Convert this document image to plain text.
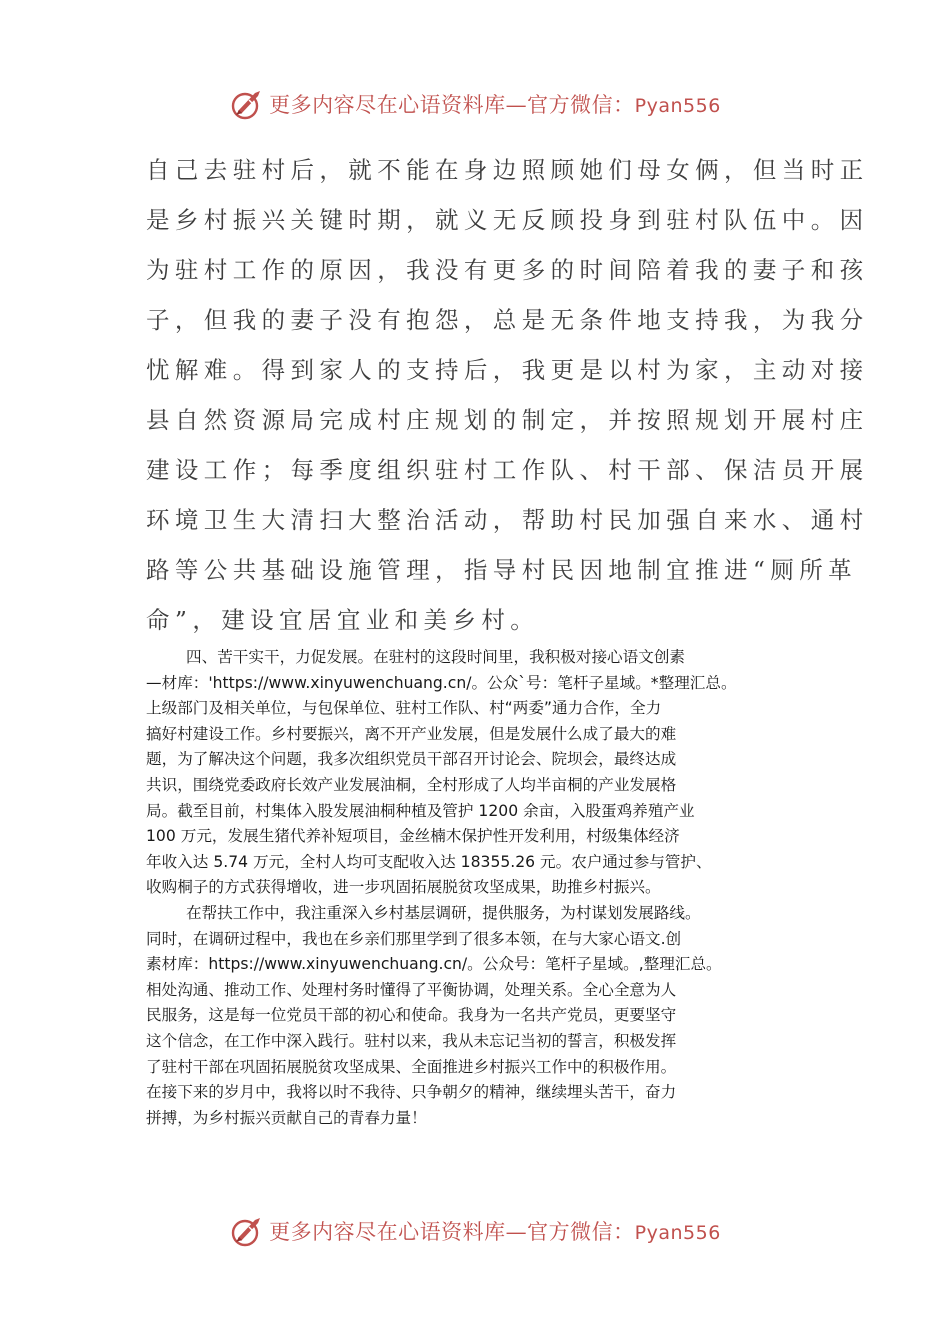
更多内容尽在心语资料库—官方微信：Pyan556
自己去驻村后，就不能在身边照顾她们母女俩，但当时正
是乡村振兴关键时期，就义无反顾投身到驻村队伍中。因
为驻村工作的原因，我没有更多的时间陪着我的妻子和孩
子，但我的妻子没有抱怨，总是无条件地支持我，为我分
忧解难。得到家人的支持后，我更是以村为家，主动对接
县自然资源局完成村庄规划的制定，并按照规划开展村庄
建设工作；每季度组织驻村工作队、村干部、保洁员开展
环境卫生大清扫大整治活动，帮助村民加强自来水、通村
路等公共基础设施管理，指导村民因地制宜推进“厕所革
命”，建设宜居宜业和美乡村。
四、苦干实干，力促发展。在驻村的这段时间里，我积极对接心语文创素
—材库：'https://www.xinyuwenchuang.cn/。公众`号：笔杆子星域。*整理汇总。
上级部门及相关单位，与包保单位、驻村工作队、村“两委”通力合作，全力
搞好村建设工作。乡村要振兴，离不开产业发展，但是发展什么成了最大的难
题，为了解决这个问题，我多次组织党员干部召开讨论会、院坝会，最终达成
共识，围绕党委政府长效产业发展油桐，全村形成了人均半亩桐的产业发展格
局。截至目前，村集体入股发展油桐种植及管护 1200 余亩，入股蛋鸡养殖产业
100 万元，发展生猪代养补短项目，金丝楠木保护性开发利用，村级集体经济
年收入达 5.74 万元，全村人均可支配收入达 18355.26 元。农户通过参与管护、
收购桐子的方式获得增收，进一步巩固拓展脱贫攻坚成果，助推乡村振兴。
在帮扶工作中，我注重深入乡村基层调研，提供服务，为村谋划发展路线。
同时，在调研过程中，我也在乡亲们那里学到了很多本领，在与大家心语文.创
素材库：https://www.xinyuwenchuang.cn/。公众号：笔杆子星域。,整理汇总。
相处沟通、推动工作、处理村务时懂得了平衡协调，处理关系。全心全意为人
民服务，这是每一位党员干部的初心和使命。我身为一名共产党员，更要坚守
这个信念，在工作中深入践行。驻村以来，我从未忘记当初的誓言，积极发挥
了驻村干部在巩固拓展脱贫攻坚成果、全面推进乡村振兴工作中的积极作用。
在接下来的岁月中，我将以时不我待、只争朝夕的精神，继续埋头苦干，奋力
拼搏，为乡村振兴贡献自己的青春力量！
更多内容尽在心语资料库—官方微信：Pyan556
